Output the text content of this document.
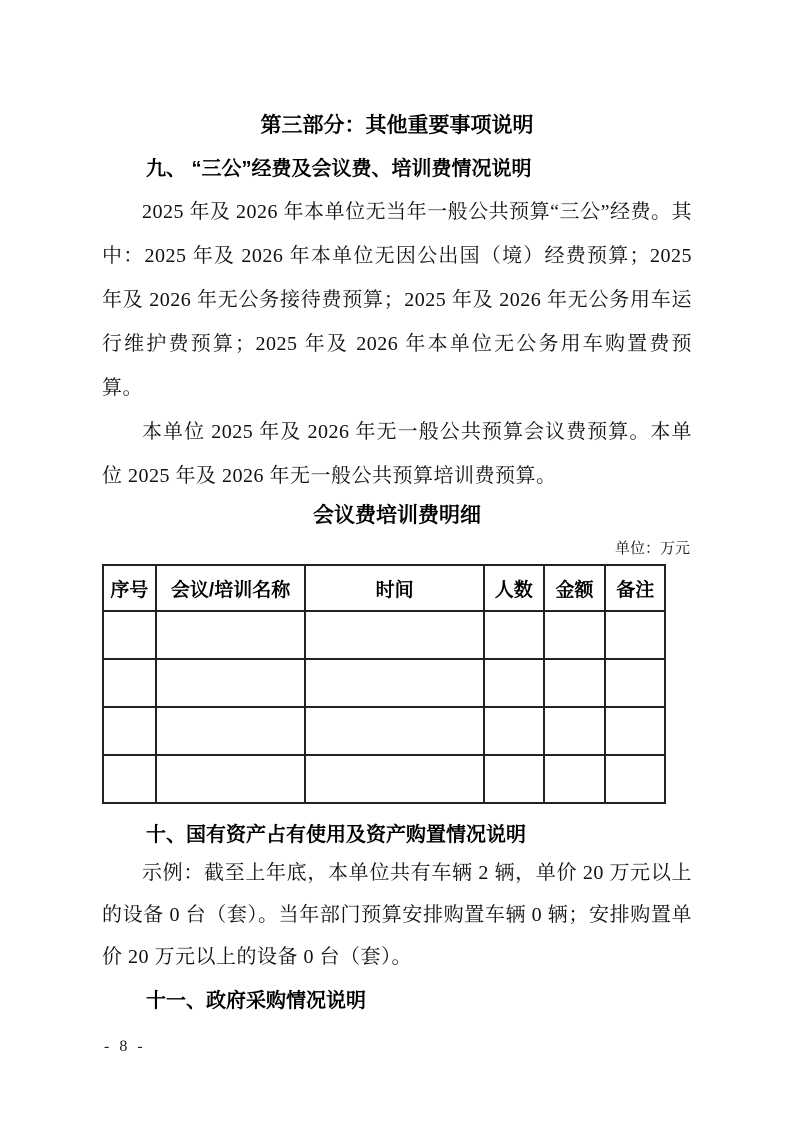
第三部分：其他重要事项说明
九、 “三公”经费及会议费、培训费情况说明

2025 年及 2026 年本单位无当年一般公共预算“三公”经费。其中：2025 年及 2026 年本单位无因公出国（境）经费预算；2025 年及 2026 年无公务接待费预算；2025 年及 2026 年无公务用车运行维护费预算；2025 年及 2026 年本单位无公务用车购置费预算。

本单位 2025 年及 2026 年无一般公共预算会议费预算。本单位 2025 年及 2026 年无一般公共预算培训费预算。

会议费培训费明细
单位：万元
序号	会议/培训名称	时间	人数	金额	备注

十、国有资产占有使用及资产购置情况说明

示例：截至上年底，本单位共有车辆 2 辆，单价 20 万元以上的设备 0 台（套）。当年部门预算安排购置车辆 0 辆；安排购置单价 20 万元以上的设备 0 台（套）。

十一、政府采购情况说明
- 8 -
